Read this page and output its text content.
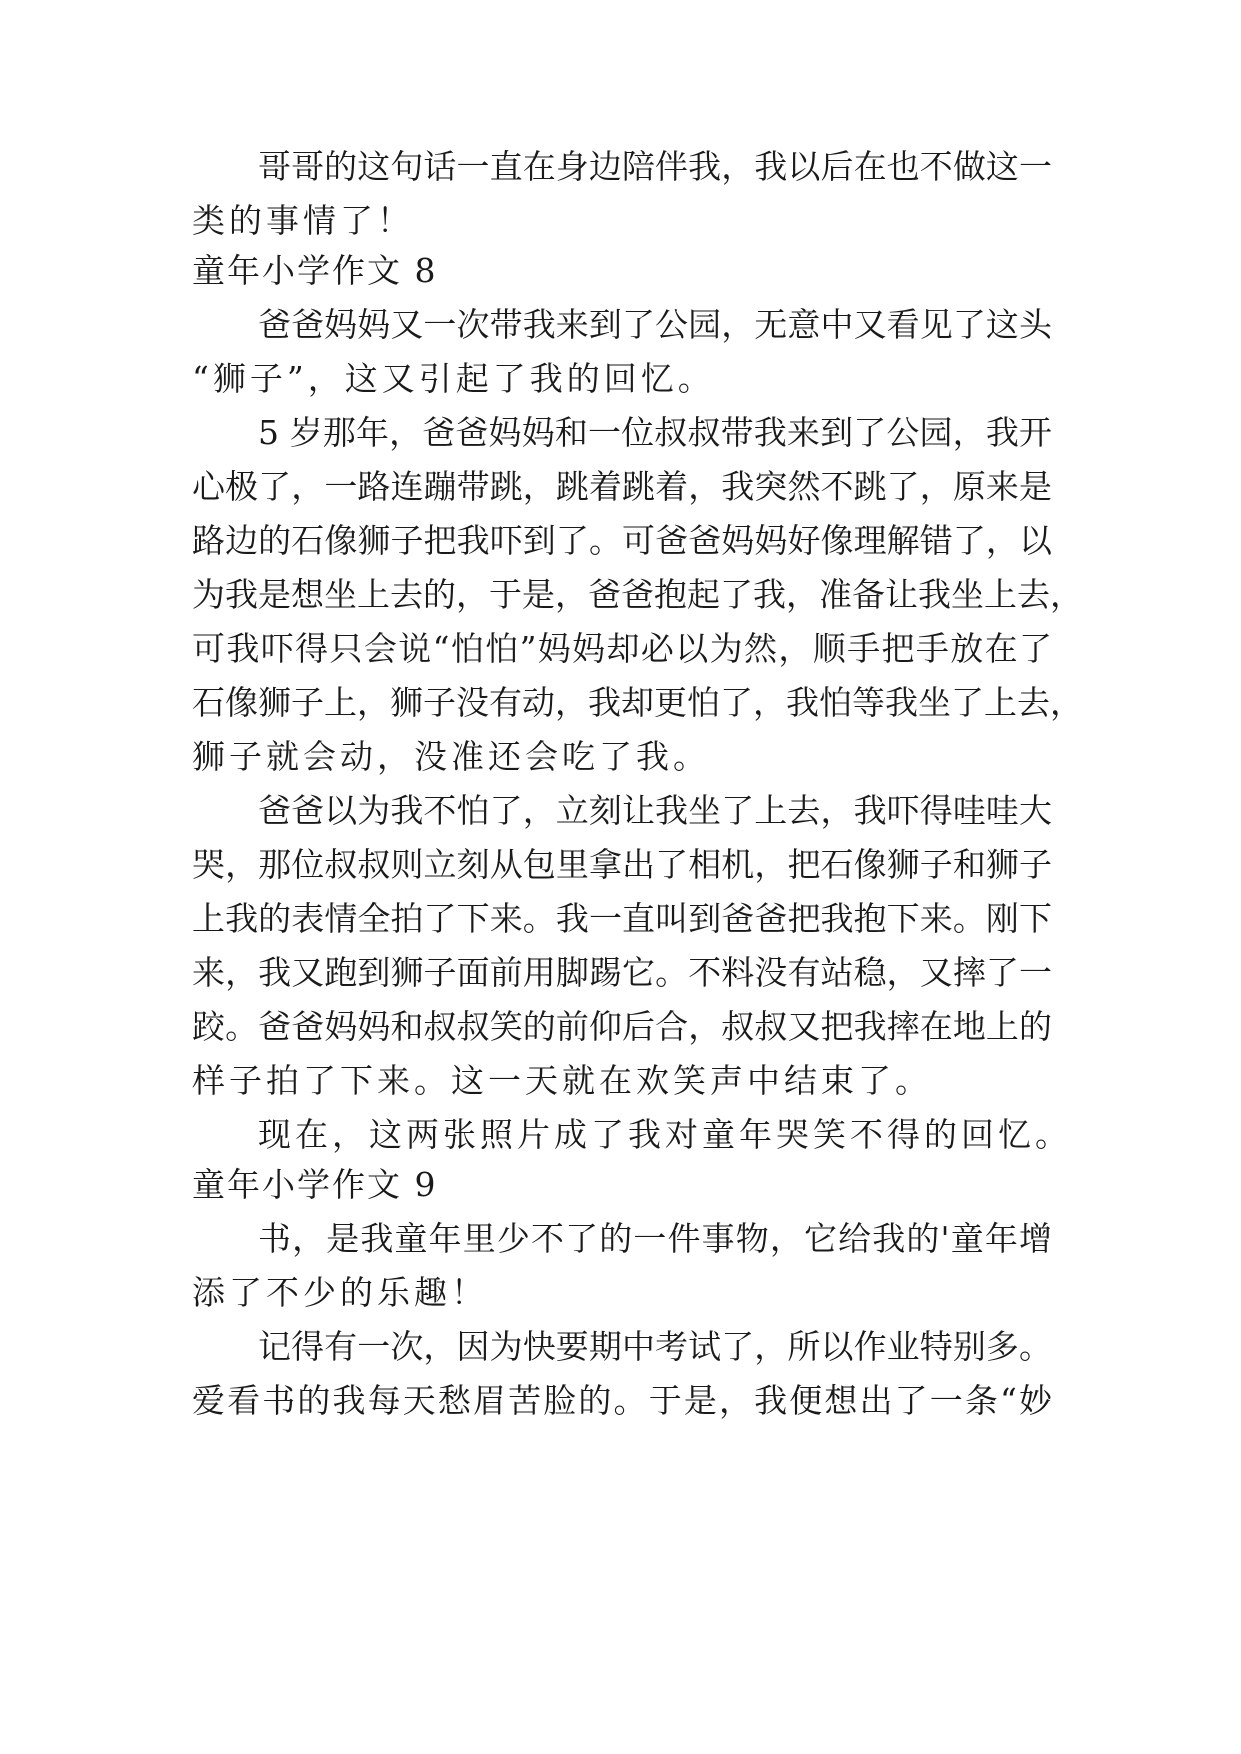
哥哥的这句话一直在身边陪伴我，我以后在也不做这一
类的事情了！
童年小学作文 8
爸爸妈妈又一次带我来到了公园，无意中又看见了这头
“狮子”，这又引起了我的回忆。
5 岁那年，爸爸妈妈和一位叔叔带我来到了公园，我开
心极了，一路连蹦带跳，跳着跳着，我突然不跳了，原来是
路边的石像狮子把我吓到了。可爸爸妈妈好像理解错了，以
为我是想坐上去的，于是，爸爸抱起了我，准备让我坐上去，
可我吓得只会说“怕怕”妈妈却必以为然，顺手把手放在了
石像狮子上，狮子没有动，我却更怕了，我怕等我坐了上去，
狮子就会动，没准还会吃了我。
爸爸以为我不怕了，立刻让我坐了上去，我吓得哇哇大
哭，那位叔叔则立刻从包里拿出了相机，把石像狮子和狮子
上我的表情全拍了下来。我一直叫到爸爸把我抱下来。刚下
来，我又跑到狮子面前用脚踢它。不料没有站稳，又摔了一
跤。爸爸妈妈和叔叔笑的前仰后合，叔叔又把我摔在地上的
样子拍了下来。这一天就在欢笑声中结束了。
现在，这两张照片成了我对童年哭笑不得的回忆。
童年小学作文 9
书，是我童年里少不了的一件事物，它给我的'童年增
添了不少的乐趣！
记得有一次，因为快要期中考试了，所以作业特别多。
爱看书的我每天愁眉苦脸的。于是，我便想出了一条“妙
